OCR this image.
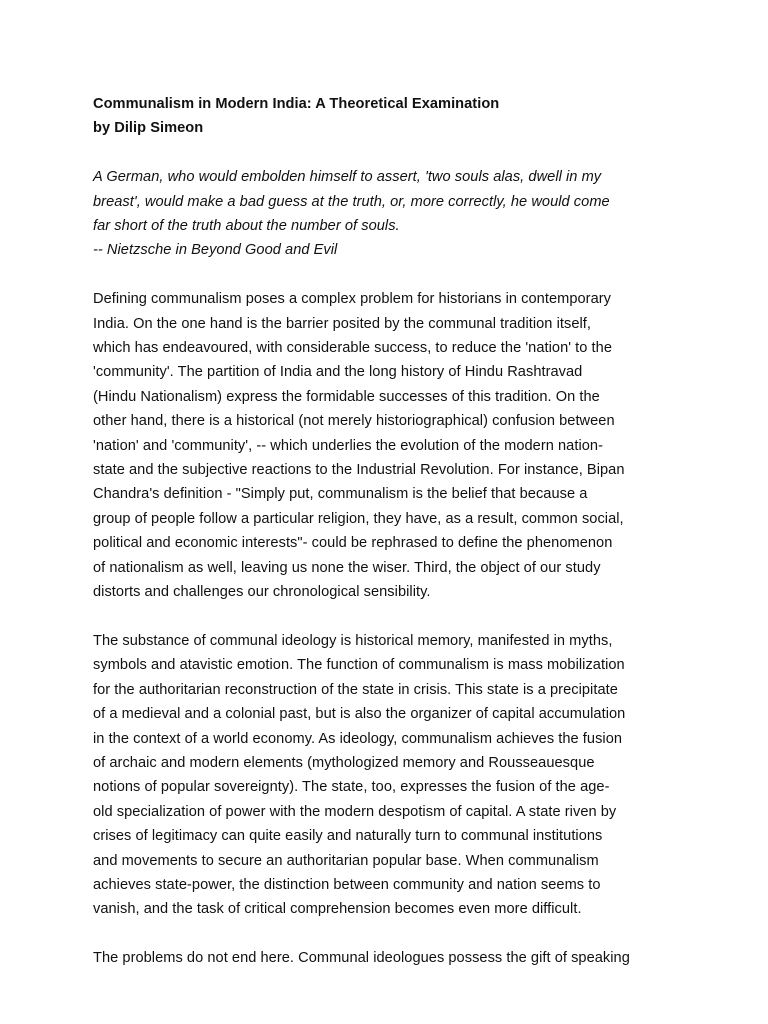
Communalism in Modern India: A Theoretical Examination
by Dilip Simeon
A German, who would embolden himself to assert, 'two souls alas, dwell in my
breast', would make a bad guess at the truth, or, more correctly, he would come
far short of the truth about the number of souls.
-- Nietzsche in Beyond Good and Evil
Defining communalism poses a complex problem for historians in contemporary
India. On the one hand is the barrier posited by the communal tradition itself,
which has endeavoured, with considerable success, to reduce the 'nation' to the
'community'. The partition of India and the long history of Hindu Rashtravad
(Hindu Nationalism) express the formidable successes of this tradition. On the
other hand, there is a historical (not merely historiographical) confusion between
'nation' and 'community', -- which underlies the evolution of the modern nation-
state and the subjective reactions to the Industrial Revolution. For instance, Bipan
Chandra's definition - "Simply put, communalism is the belief that because a
group of people follow a particular religion, they have, as a result, common social,
political and economic interests"- could be rephrased to define the phenomenon
of nationalism as well, leaving us none the wiser. Third, the object of our study
distorts and challenges our chronological sensibility.
The substance of communal ideology is historical memory, manifested in myths,
symbols and atavistic emotion. The function of communalism is mass mobilization
for the authoritarian reconstruction of the state in crisis. This state is a precipitate
of a medieval and a colonial past, but is also the organizer of capital accumulation
in the context of a world economy. As ideology, communalism achieves the fusion
of archaic and modern elements (mythologized memory and Rousseauesque
notions of popular sovereignty). The state, too, expresses the fusion of the age-
old specialization of power with the modern despotism of capital. A state riven by
crises of legitimacy can quite easily and naturally turn to communal institutions
and movements to secure an authoritarian popular base. When communalism
achieves state-power, the distinction between community and nation seems to
vanish, and the task of critical comprehension becomes even more difficult.
The problems do not end here. Communal ideologues possess the gift of speaking
